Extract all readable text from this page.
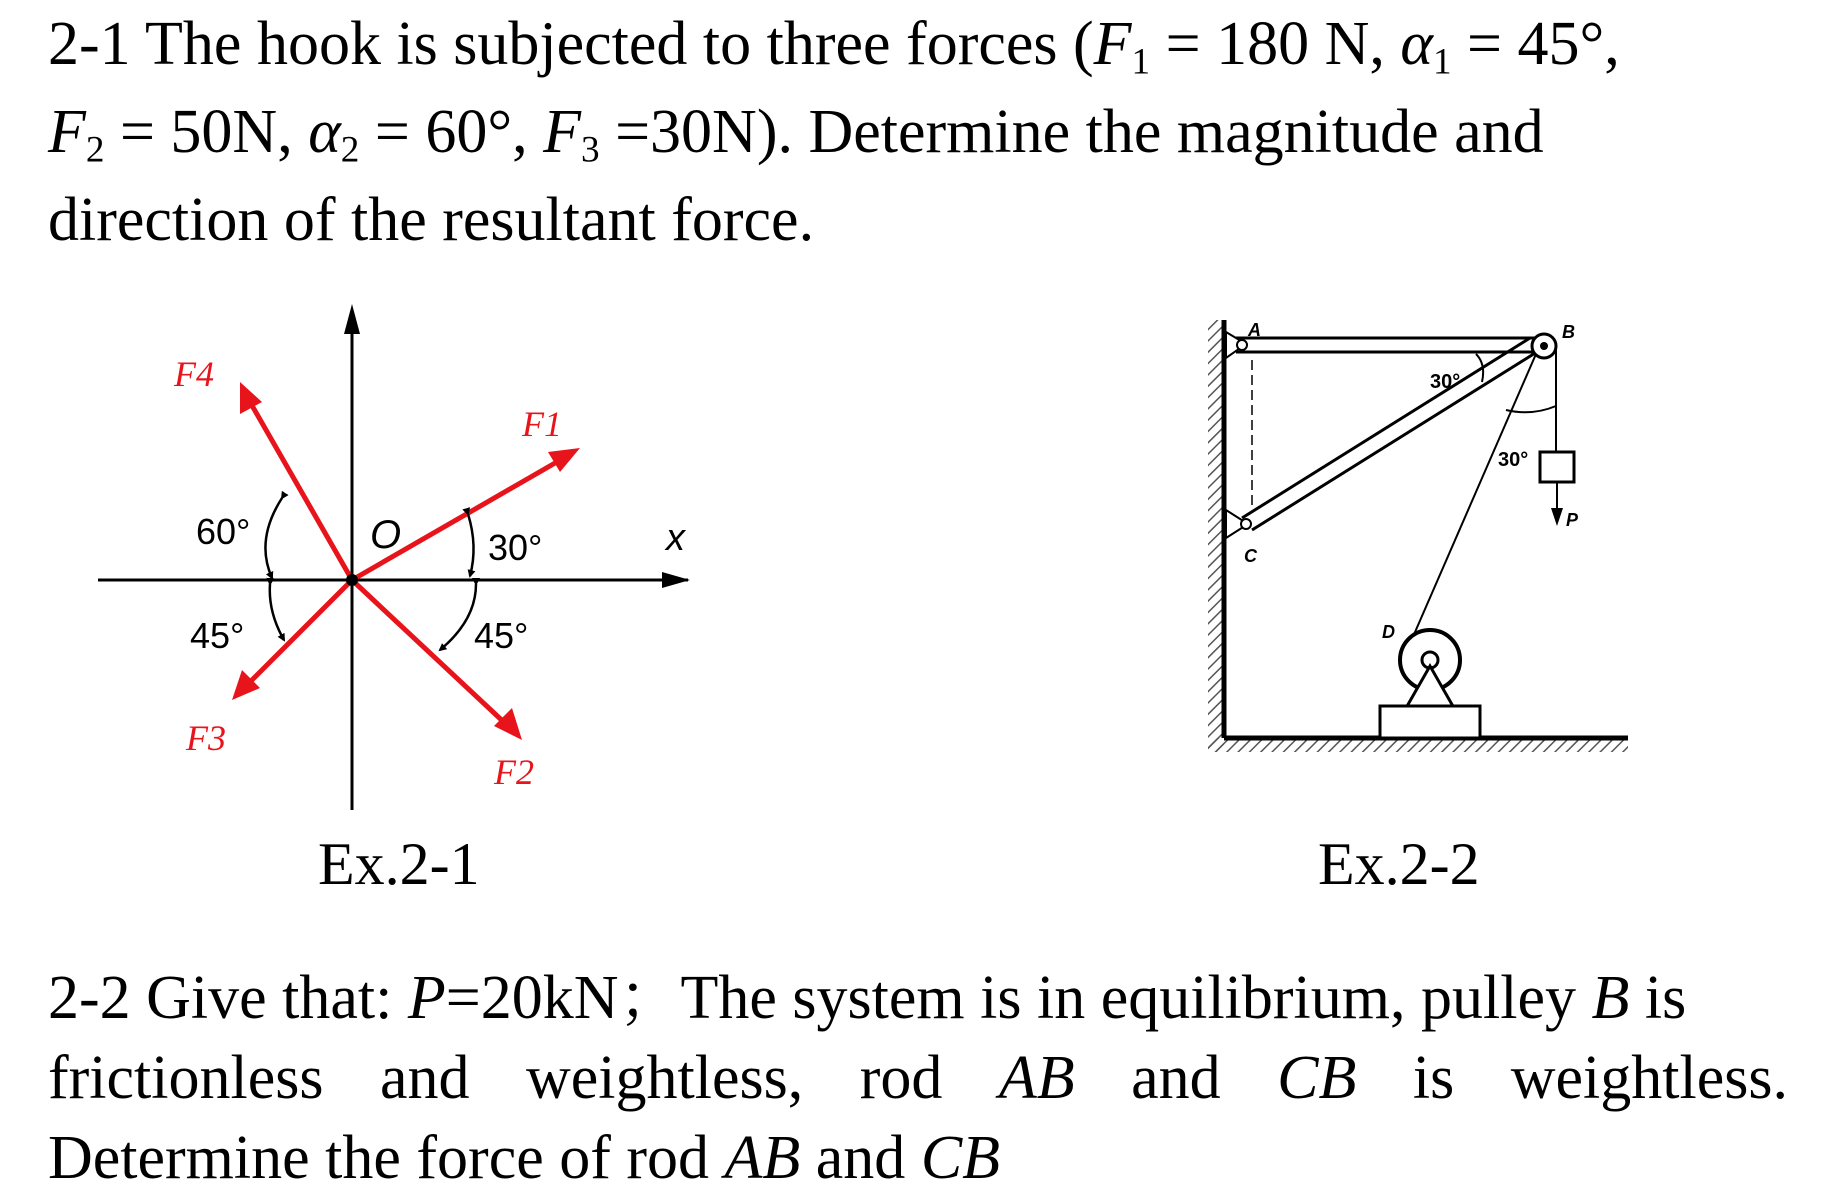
2-1 The hook is subjected to three forces ($F_1 = 180$ N, $\alpha_1 = 45^\circ$,
$F_2 = 50N$, $\alpha_2 = 60^\circ$, $F_3 =30N$). Determine the magnitude and
direction of the resultant force.
F4
F1
F3
F2
O	x
60°	30°
45°	45°
A	B
C
D
P
30°
30°
Ex.2-1	Ex.2-2
2-2 Give that: P=20kN；The system is in equilibrium, pulley B is
frictionless and weightless, rod AB and CB is weightless.
Determine the force of rod AB and CB
